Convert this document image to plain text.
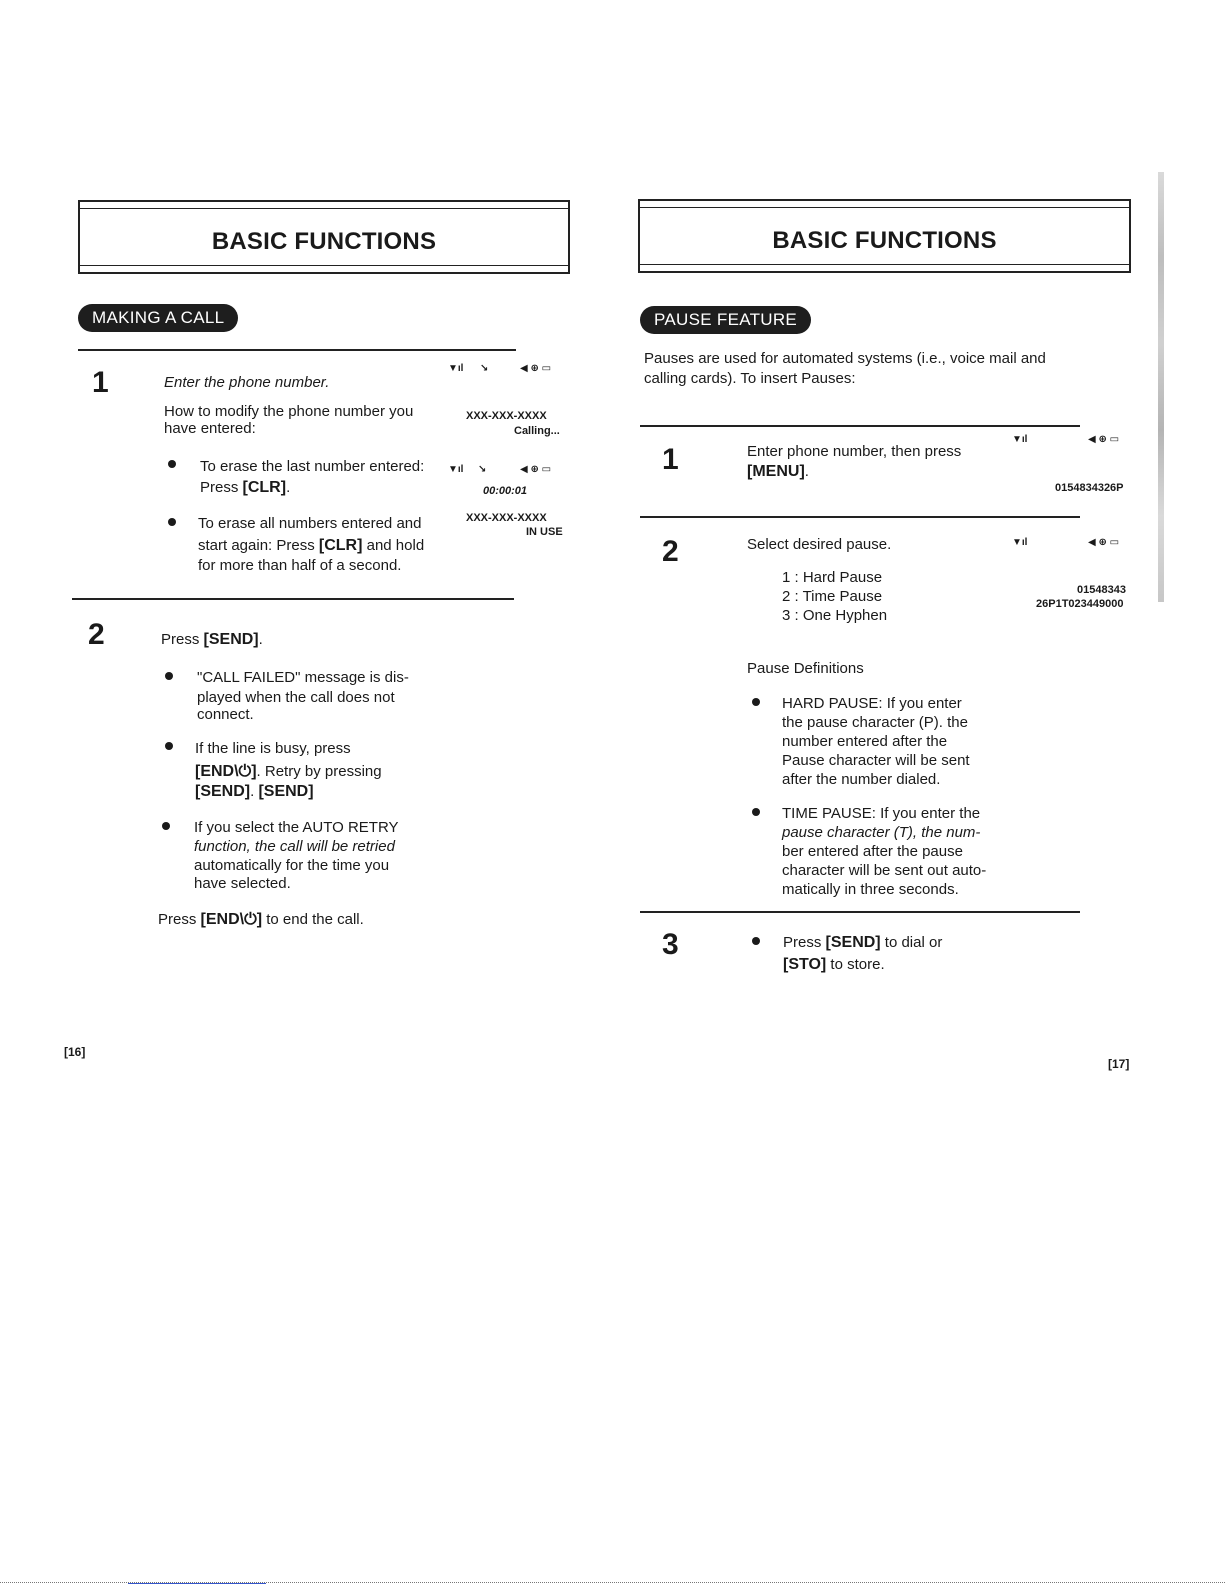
BASIC FUNCTIONS
MAKING A CALL
1	Enter the phone number.
How to modify the phone number you
have entered:
To erase the last number entered:
Press [CLR].
To erase all numbers entered and
start again: Press [CLR] and hold
for more than half of a second.
▼ıl ↘	◀ ⊕ ▭
XXX-XXX-XXXX
Calling...
▼ıl ↘	◀ ⊕ ▭
00:00:01
XXX-XXX-XXXX
IN USE
2	Press [SEND].
"CALL FAILED" message is dis-
played when the call does not
connect.
If the line is busy, press
[END\⏻]. Retry by pressing
[SEND]. [SEND]
If you select the AUTO RETRY
function, the call will be retried
automatically for the time you
have selected.
Press [END\⏻] to end the call.
[16]
BASIC FUNCTIONS
PAUSE FEATURE
Pauses are used for automated systems (i.e., voice mail and
calling cards). To insert Pauses:
1	Enter phone number, then press
[MENU].
▼ıl	◀ ⊕ ▭
0154834326P
2	Select desired pause.	▼ıl	◀ ⊕ ▭
1 : Hard Pause
2 : Time Pause
3 : One Hyphen
01548343
26P1T023449000
Pause Definitions
HARD PAUSE: If you enter
the pause character (P). the
number entered after the
Pause character will be sent
after the number dialed.
TIME PAUSE: If you enter the
pause character (T), the num-
ber entered after the pause
character will be sent out auto-
matically in three seconds.
3	Press [SEND] to dial or
[STO] to store.
[17]
